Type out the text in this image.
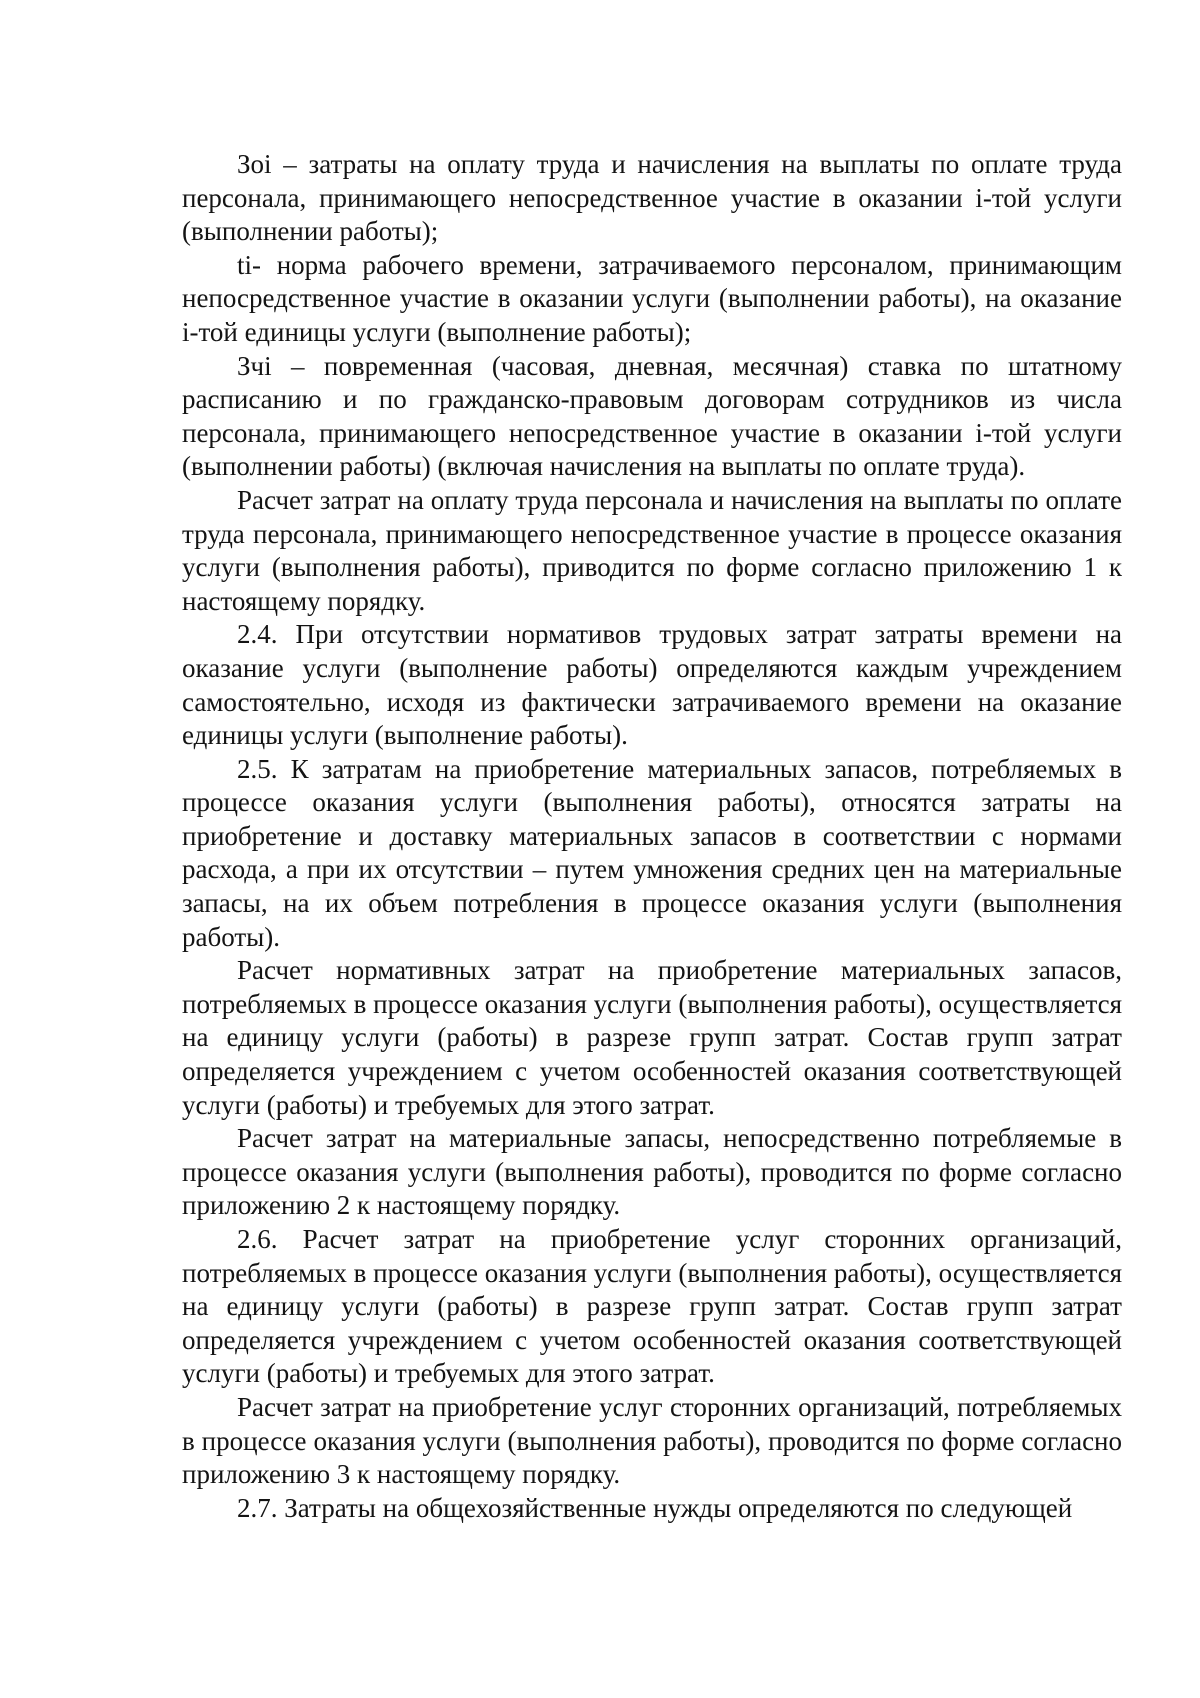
Зoi – затраты на оплату труда и начисления на выплаты по оплате труда персонала, принимающего непосредственное участие в оказании i-той услуги (выполнении работы);

ti- норма рабочего времени, затрачиваемого персоналом, принимающим непосредственное участие в оказании услуги (выполнении работы), на оказание i-той единицы услуги (выполнение работы);

Зчi – повременная (часовая, дневная, месячная) ставка по штатному расписанию и по гражданско-правовым договорам сотрудников из числа персонала, принимающего непосредственное участие в оказании i-той услуги (выполнении работы) (включая начисления на выплаты по оплате труда).

Расчет затрат на оплату труда персонала и начисления на выплаты по оплате труда персонала, принимающего непосредственное участие в процессе оказания услуги (выполнения работы), приводится по форме согласно приложению 1 к настоящему порядку.

2.4. При отсутствии нормативов трудовых затрат затраты времени на оказание услуги (выполнение работы) определяются каждым учреждением самостоятельно, исходя из фактически затрачиваемого времени на оказание единицы услуги (выполнение работы).

2.5. К затратам на приобретение материальных запасов, потребляемых в процессе оказания услуги (выполнения работы), относятся затраты на приобретение и доставку материальных запасов в соответствии с нормами расхода, а при их отсутствии – путем умножения средних цен на материальные запасы, на их объем потребления в процессе оказания услуги (выполнения работы).

Расчет нормативных затрат на приобретение материальных запасов, потребляемых в процессе оказания услуги (выполнения работы), осуществляется на единицу услуги (работы) в разрезе групп затрат. Состав групп затрат определяется учреждением с учетом особенностей оказания соответствующей услуги (работы) и требуемых для этого затрат.

Расчет затрат на материальные запасы, непосредственно потребляемые в процессе оказания услуги (выполнения работы), проводится по форме согласно приложению 2 к настоящему порядку.

2.6. Расчет затрат на приобретение услуг сторонних организаций, потребляемых в процессе оказания услуги (выполнения работы), осуществляется на единицу услуги (работы) в разрезе групп затрат. Состав групп затрат определяется учреждением с учетом особенностей оказания соответствующей услуги (работы) и требуемых для этого затрат.

Расчет затрат на приобретение услуг сторонних организаций, потребляемых в процессе оказания услуги (выполнения работы), проводится по форме согласно приложению 3 к настоящему порядку.

2.7. Затраты на общехозяйственные нужды определяются по следующей
